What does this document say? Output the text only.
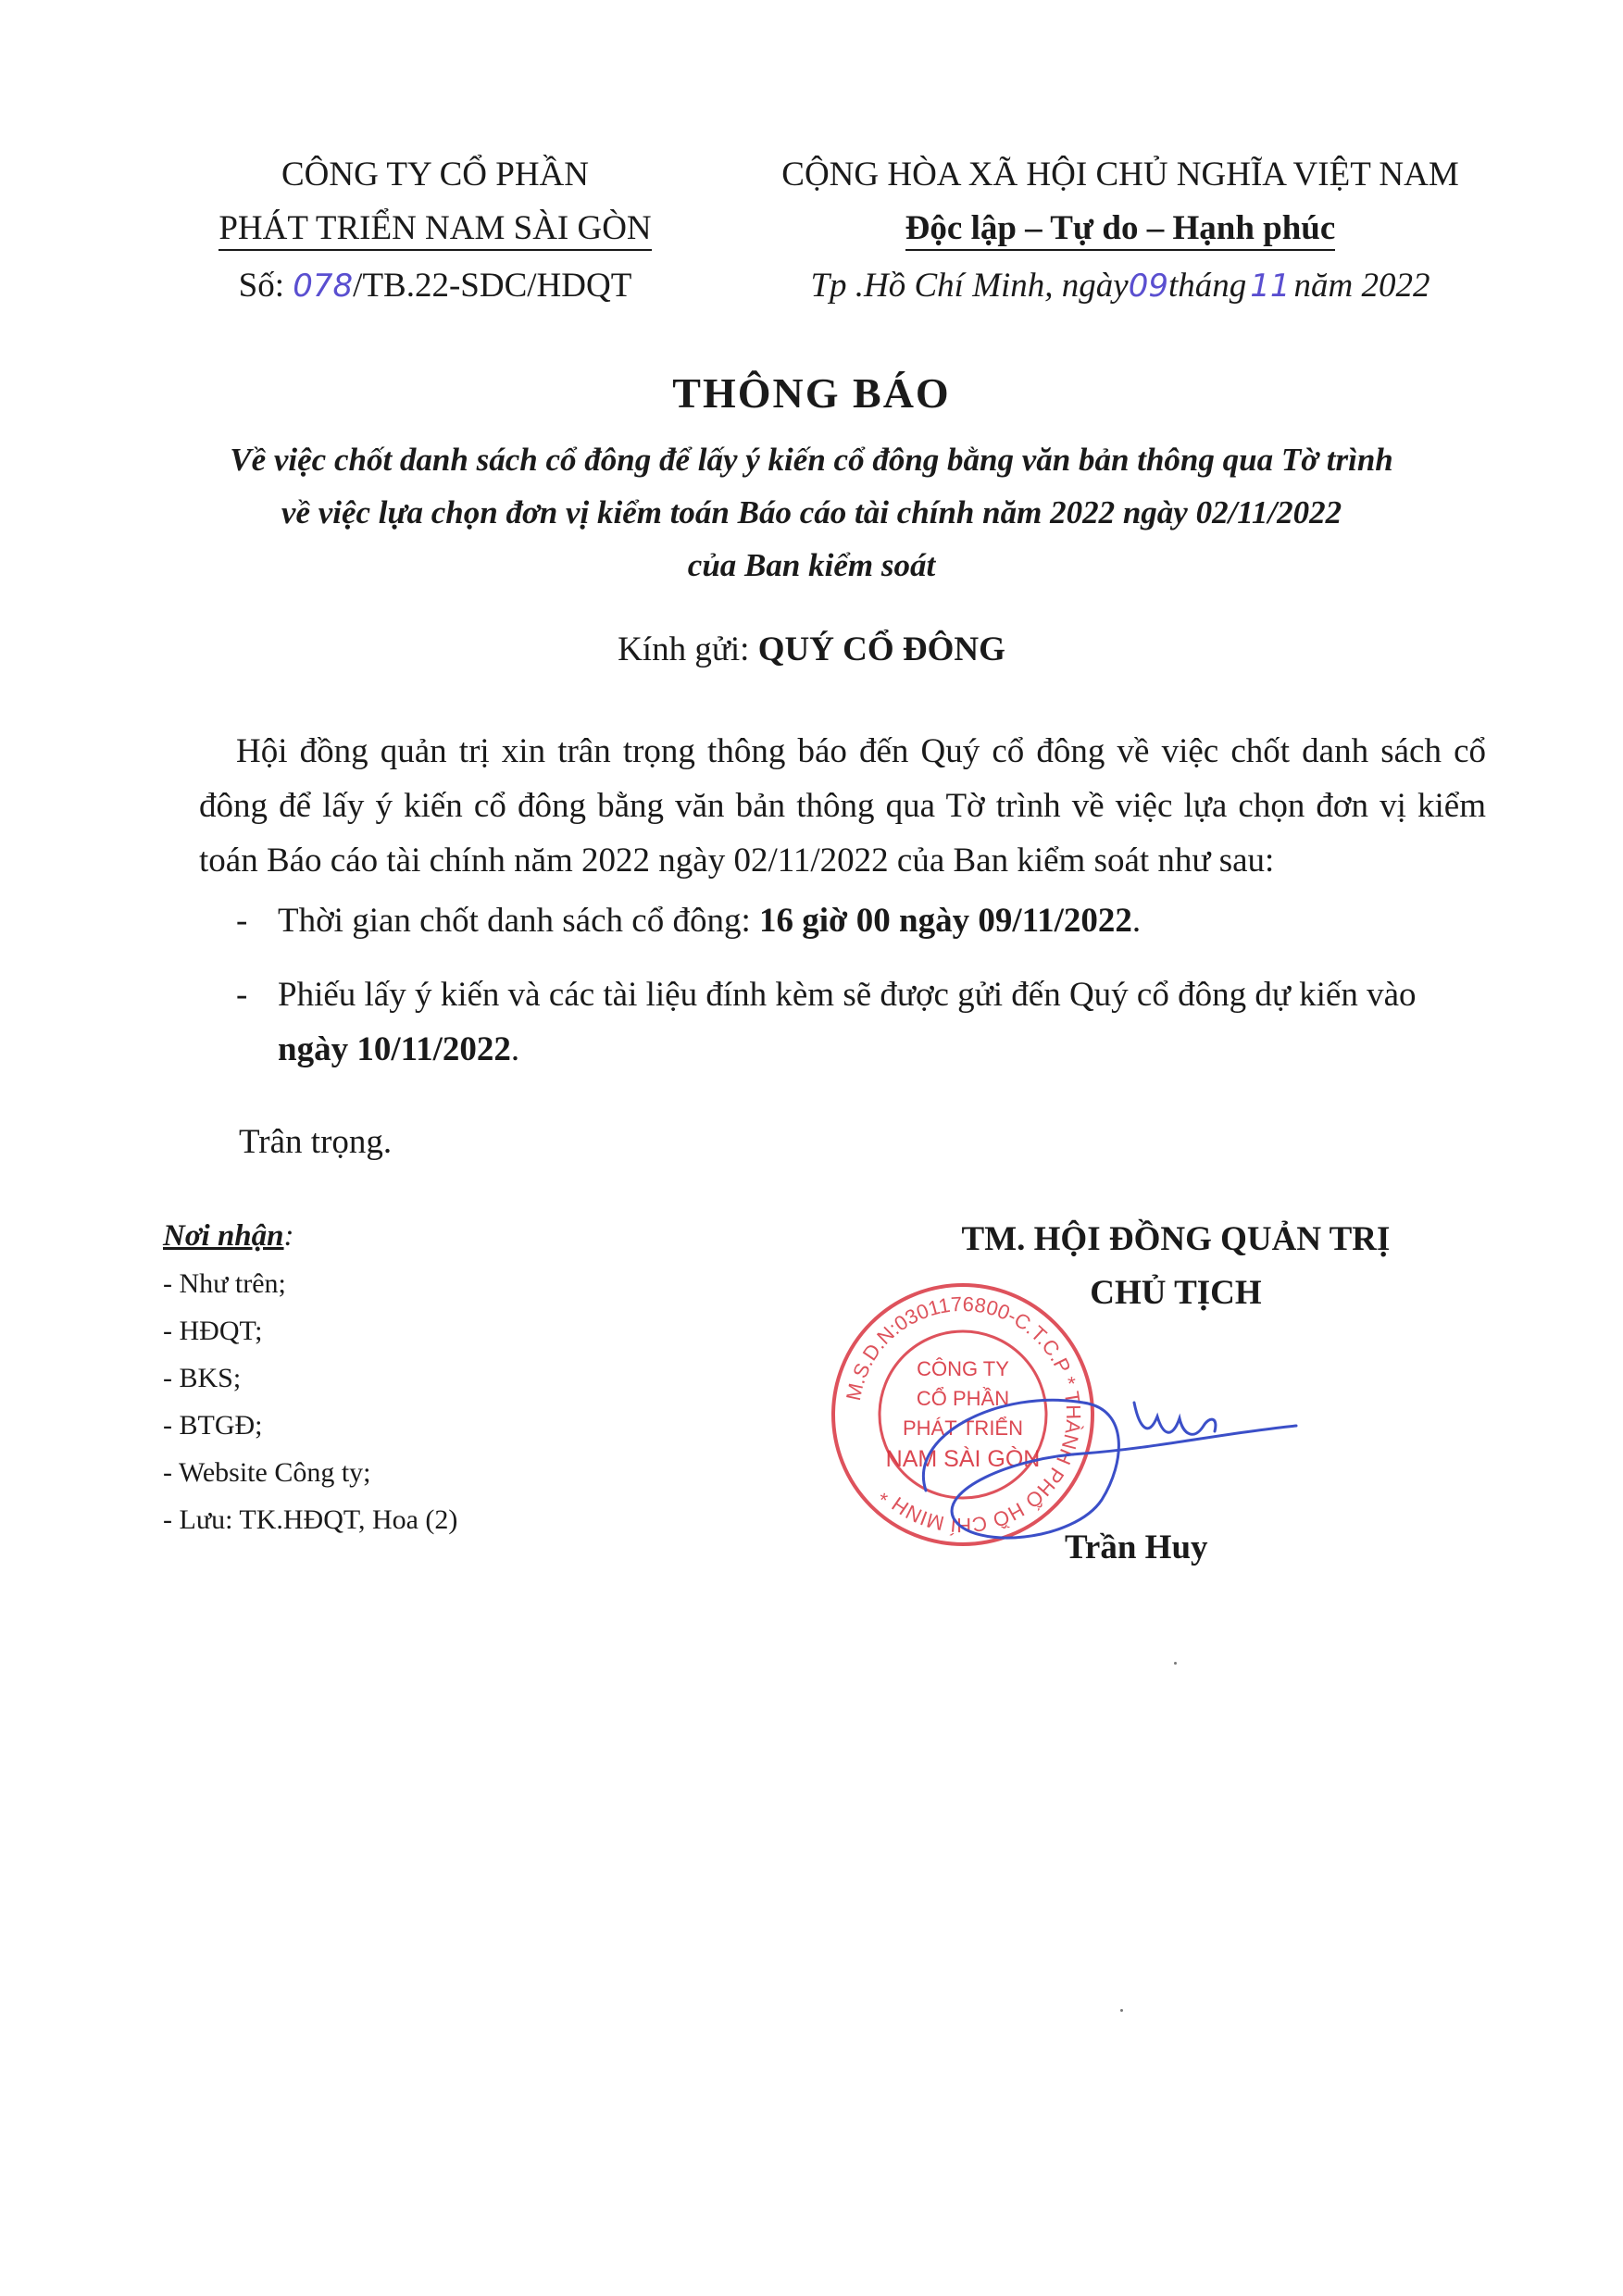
CÔNG TY CỔ PHẦN
PHÁT TRIỂN NAM SÀI GÒN
Số: 078/TB.22-SDC/HDQT
CỘNG HÒA XÃ HỘI CHỦ NGHĨA VIỆT NAM
Độc lập – Tự do – Hạnh phúc
Tp .Hồ Chí Minh, ngày09tháng 11 năm 2022
THÔNG BÁO
Về việc chốt danh sách cổ đông để lấy ý kiến cổ đông bằng văn bản thông qua Tờ trình
về việc lựa chọn đơn vị kiểm toán Báo cáo tài chính năm 2022 ngày 02/11/2022
của Ban kiểm soát
Kính gửi: QUÝ CỔ ĐÔNG
Hội đồng quản trị xin trân trọng thông báo đến Quý cổ đông về việc chốt danh sách cổ đông để lấy ý kiến cổ đông bằng văn bản thông qua Tờ trình về việc lựa chọn đơn vị kiểm toán Báo cáo tài chính năm 2022 ngày 02/11/2022 của Ban kiểm soát như sau:
- Thời gian chốt danh sách cổ đông: 16 giờ 00 ngày 09/11/2022.
- Phiếu lấy ý kiến và các tài liệu đính kèm sẽ được gửi đến Quý cổ đông dự kiến vào
ngày 10/11/2022.
Trân trọng.
Nơi nhận:
- Như trên;
- HĐQT;
- BKS;
- BTGĐ;
- Website Công ty;
- Lưu: TK.HĐQT, Hoa (2)
TM. HỘI ĐỒNG QUẢN TRỊ
CHỦ TỊCH
M.S.D.N:0301176800-C.T.C.P * THÀNH PHỐ HỒ CHÍ MINH *
CÔNG TY
CỔ PHẦN
PHÁT TRIỂN
NAM SÀI GÒN
Trần Huy
